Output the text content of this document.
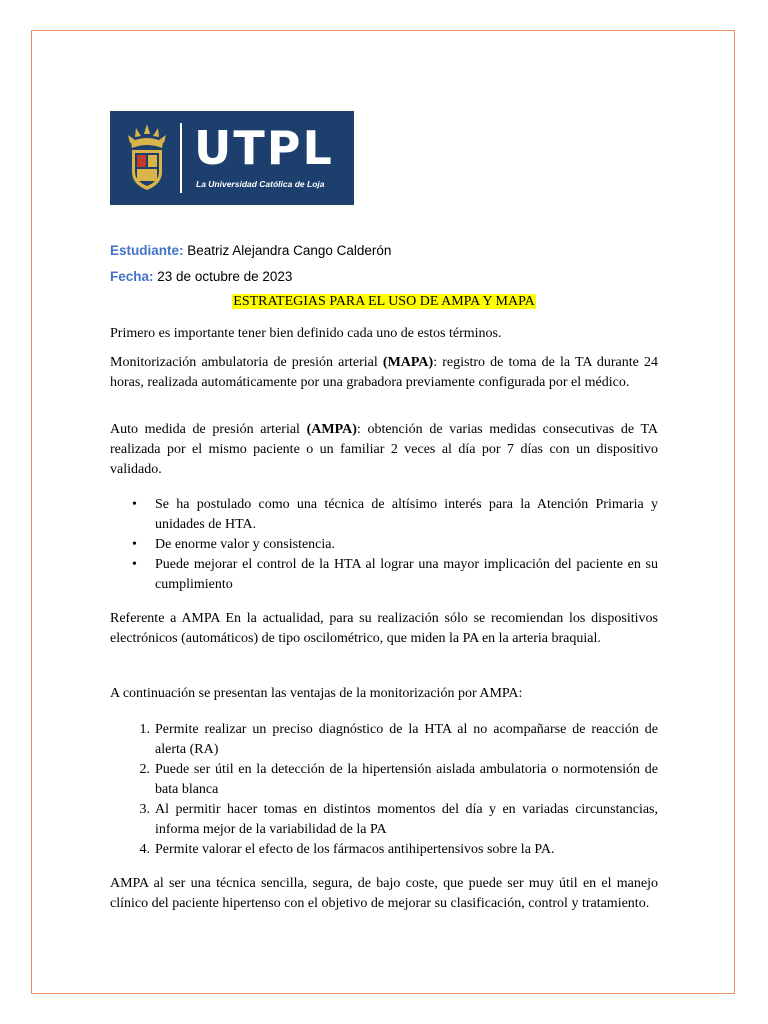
UTPL
La Universidad Católica de Loja
Estudiante: Beatriz Alejandra Cango Calderón
Fecha: 23 de octubre de 2023
ESTRATEGIAS PARA EL USO DE AMPA Y MAPA
Primero es importante tener bien definido cada uno de estos términos.
Monitorización ambulatoria de presión arterial (MAPA): registro de toma de la TA durante 24 horas, realizada automáticamente por una grabadora previamente configurada por el médico.
Auto medida de presión arterial (AMPA): obtención de varias medidas consecutivas de TA realizada por el mismo paciente o un familiar 2 veces al día por 7 días con un dispositivo validado.
• Se ha postulado como una técnica de altísimo interés para la Atención Primaria y unidades de HTA.
• De enorme valor y consistencia.
• Puede mejorar el control de la HTA al lograr una mayor implicación del paciente en su cumplimiento
Referente a AMPA En la actualidad, para su realización sólo se recomiendan los dispositivos electrónicos (automáticos) de tipo oscilométrico, que miden la PA en la arteria braquial.
A continuación se presentan las ventajas de la monitorización por AMPA:
1. Permite realizar un preciso diagnóstico de la HTA al no acompañarse de reacción de alerta (RA)
2. Puede ser útil en la detección de la hipertensión aislada ambulatoria o normotensión de bata blanca
3. Al permitir hacer tomas en distintos momentos del día y en variadas circunstancias, informa mejor de la variabilidad de la PA
4. Permite valorar el efecto de los fármacos antihipertensivos sobre la PA.
AMPA al ser una técnica sencilla, segura, de bajo coste, que puede ser muy útil en el manejo clínico del paciente hipertenso con el objetivo de mejorar su clasificación, control y tratamiento.
